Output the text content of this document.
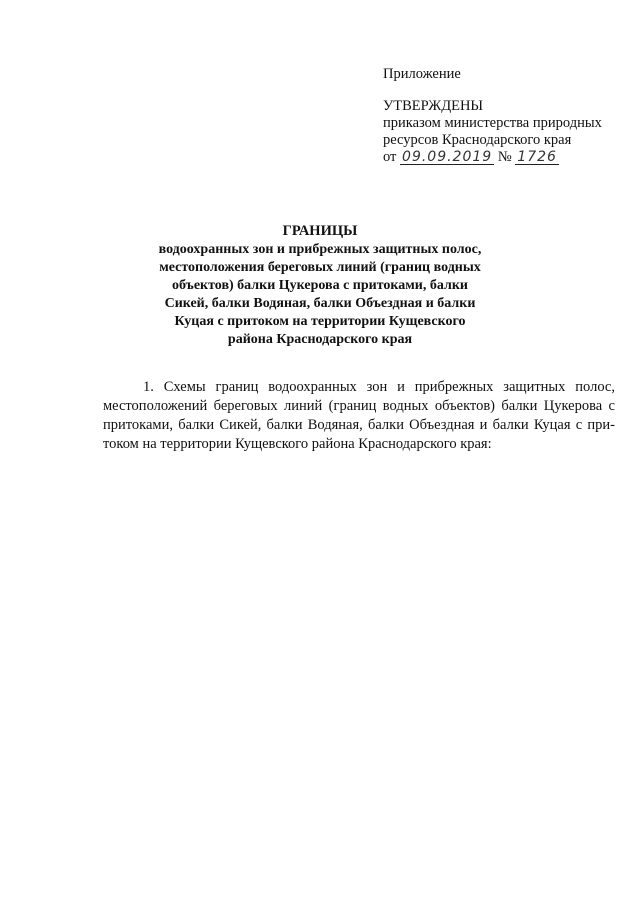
Приложение
УТВЕРЖДЕНЫ
приказом министерства природных
ресурсов Краснодарского края
от 09.09.2019 № 1726
ГРАНИЦЫ
водоохранных зон и прибрежных защитных полос,
местоположения береговых линий (границ водных
объектов) балки Цукерова с притоками, балки
Сикей, балки Водяная, балки Объездная и балки
Куцая с притоком на территории Кущевского
района Краснодарского края
1. Схемы границ водоохранных зон и прибрежных защитных полос,
местоположений береговых линий (границ водных объектов) балки Цукерова с
притоками, балки Сикей, балки Водяная, балки Объездная и балки Куцая с при-
током на территории Кущевского района Краснодарского края:
